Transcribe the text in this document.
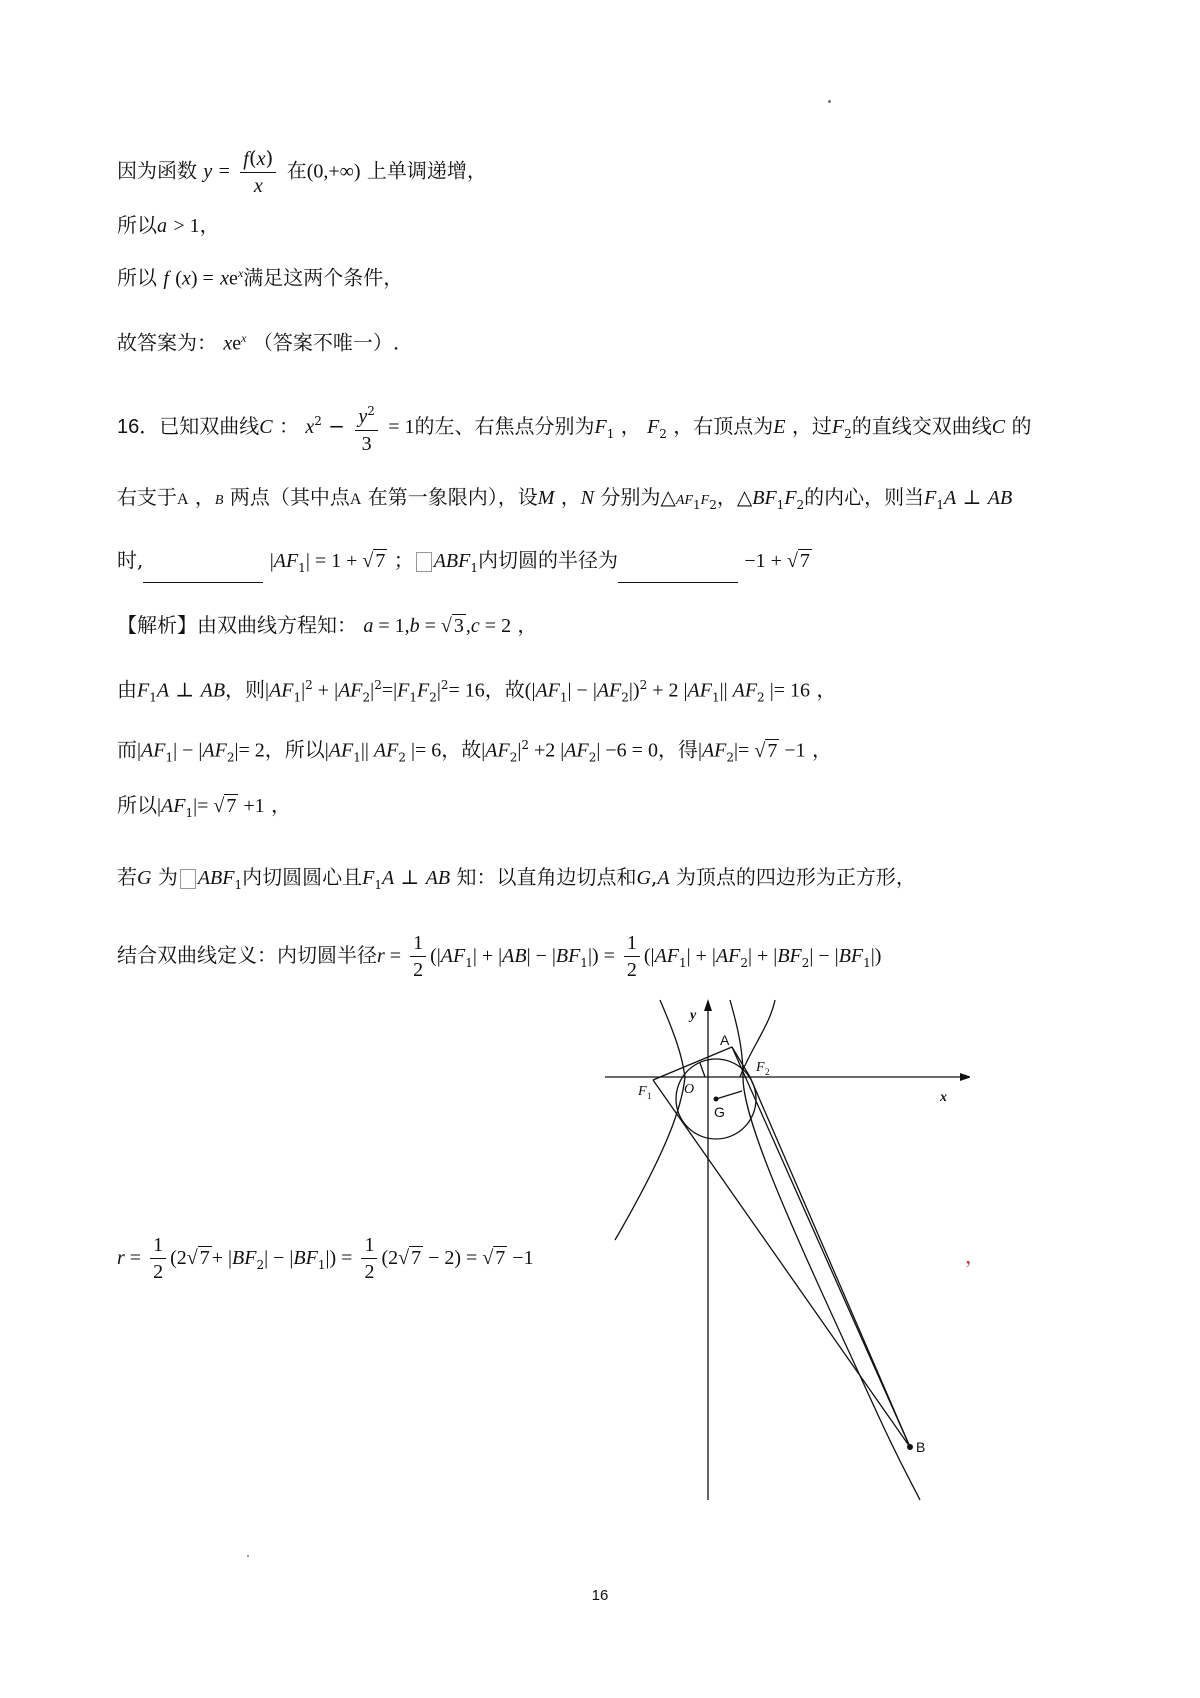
因为函数 $y = \frac{f(x)}{x}$ 在(0,+∞) 上单调递增，
所以a > 1，
所以 f $(x) = xe^x$满足这两个条件，
故答案为： $xe^x$ （答案不唯一）.
16．已知双曲线C ： $x^2 - \frac{y^2}{3} = 1$的左、右焦点分别为$F_1$ ， $F_2$ ，右顶点为E ，过$F_2$的直线交双曲线C 的
右支于A ，B 两点（其中点A 在第一象限内），设M ，N 分别为$\triangle AF_1F_2$，$\triangle BF_1F_2$的内心，则当$F_1A$ ⊥ AB
时,	$|AF_1| = 1$ + √ 7 ； $ABF_1$内切圆的半径为	−1 + √ 7
【解析】由双曲线方程知： a = 1,b = √ 3 ,c = 2 ，
由$F_1A$ ⊥ AB，则$|AF_1|^2 + |AF_2|^2=|F_1F_2|^2= 16$，故$(|AF_1| - |AF_2|)^2 + 2$ $|AF_1||$ $AF_2$ |= 16 ，
而$|AF_1| - |AF_2|= 2$，所以$|AF_1||$ $AF_2$ |= 6，故$|AF_2|^2 +2$ $|AF_2| -6 = 0$，得$|AF_2|=$ √ 7 −1 ，
所以$|AF_1|=$ √ 7 +1 ，
若G 为 $ABF_1$内切圆圆心且$F_1A$ ⊥ AB 知：以直角边切点和G,A 为顶点的四边形为正方形，
结合双曲线定义：内切圆半径$r = \frac{1}{2} (|AF_1| + |AB| - |BF_1|) = \frac{1}{2} (|AF_1| + |AF_2| + |BF_2| - |BF_1|)$
$r = \frac{1}{2} (2√$ $7 + |BF_2| - |BF_1|) = \frac{1}{2} (2√$ 7 − 2) = √ 7 −1	，
x
y
A
B
F 1
F 2
O
G
16
